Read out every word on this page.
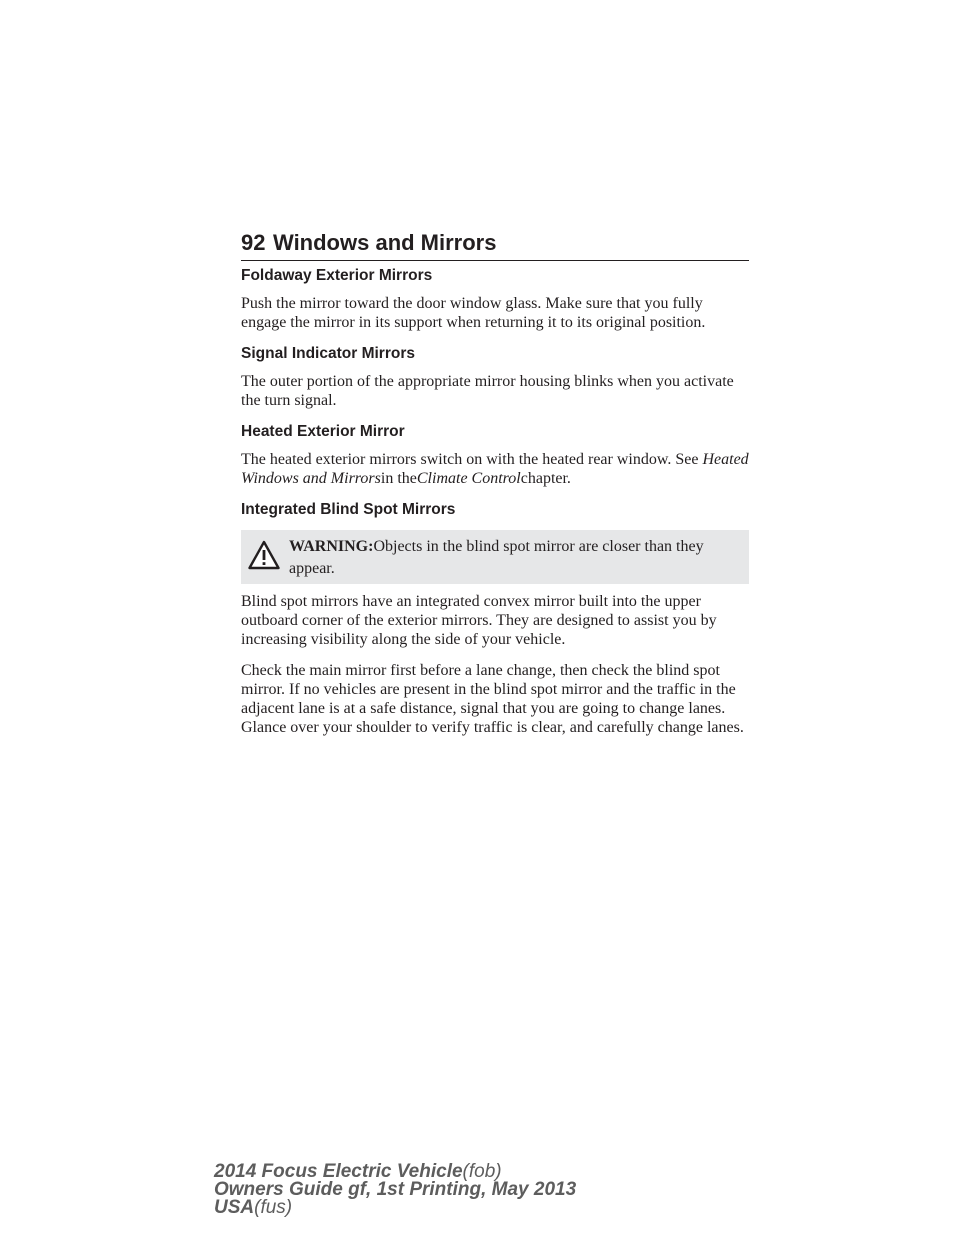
92 Windows and Mirrors
Foldaway Exterior Mirrors

Push the mirror toward the door window glass. Make sure that you fully engage the mirror in its support when returning it to its original position.

Signal Indicator Mirrors

The outer portion of the appropriate mirror housing blinks when you activate the turn signal.

Heated Exterior Mirror

The heated exterior mirrors switch on with the heated rear window. See Heated Windows and Mirrorsin theClimate Controlchapter.

Integrated Blind Spot Mirrors

WARNING:Objects in the blind spot mirror are closer than they appear.

Blind spot mirrors have an integrated convex mirror built into the upper outboard corner of the exterior mirrors. They are designed to assist you by increasing visibility along the side of your vehicle.

Check the main mirror first before a lane change, then check the blind spot mirror. If no vehicles are present in the blind spot mirror and the traffic in the adjacent lane is at a safe distance, signal that you are going to change lanes. Glance over your shoulder to verify traffic is clear, and carefully change lanes.

2014 Focus Electric Vehicle(fob)
Owners Guide gf, 1st Printing, May 2013
USA(fus)
